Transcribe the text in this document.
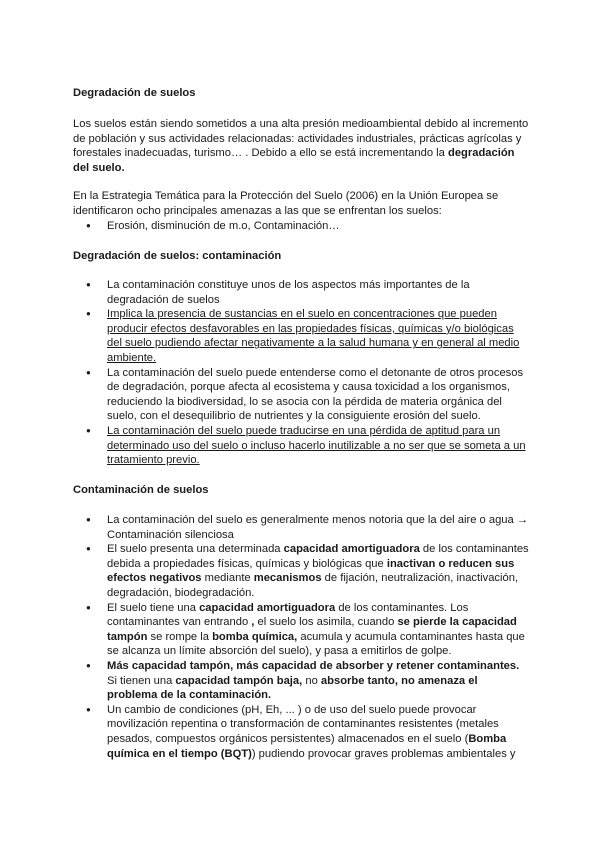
Degradación de suelos

Los suelos están siendo sometidos a una alta presión medioambiental debido al incremento de población y sus actividades relacionadas: actividades industriales, prácticas agrícolas y forestales inadecuadas, turismo… . Debido a ello se está incrementando la degradación del suelo.

En la Estrategia Temática para la Protección del Suelo (2006) en la Unión Europea se identificaron ocho principales amenazas a las que se enfrentan los suelos:

● Erosión, disminución de m.o, Contaminación…
Degradación de suelos: contaminación
● La contaminación constituye unos de los aspectos más importantes de la degradación de suelos
● Implica la presencia de sustancias en el suelo en concentraciones que pueden producir efectos desfavorables en las propiedades físicas, químicas y/o biológicas del suelo pudiendo afectar negativamente a la salud humana y en general al medio ambiente.
● La contaminación del suelo puede entenderse como el detonante de otros procesos de degradación, porque afecta al ecosistema y causa toxicidad a los organismos, reduciendo la biodiversidad, lo se asocia con la pérdida de materia orgánica del suelo, con el desequilibrio de nutrientes y la consiguiente erosión del suelo.
● La contaminación del suelo puede traducirse en una pérdida de aptitud para un determinado uso del suelo o incluso hacerlo inutilizable a no ser que se someta a un tratamiento previo.
Contaminación de suelos
● La contaminación del suelo es generalmente menos notoria que la del aire o agua → Contaminación silenciosa
● El suelo presenta una determinada capacidad amortiguadora de los contaminantes debida a propiedades físicas, químicas y biológicas que inactivan o reducen sus efectos negativos mediante mecanismos de fijación, neutralización, inactivación, degradación, biodegradación.
● El suelo tiene una capacidad amortiguadora de los contaminantes. Los contaminantes van entrando , el suelo los asimila, cuando se pierde la capacidad tampón se rompe la bomba química, acumula y acumula contaminantes hasta que se alcanza un límite absorción del suelo), y pasa a emitirlos de golpe.
● Más capacidad tampón, más capacidad de absorber y retener contaminantes. Si tienen una capacidad tampón baja, no absorbe tanto, no amenaza el problema de la contaminación.
● Un cambio de condiciones (pH, Eh, ... ) o de uso del suelo puede provocar movilización repentina o transformación de contaminantes resistentes (metales pesados, compuestos orgánicos persistentes) almacenados en el suelo (Bomba química en el tiempo (BQT)) pudiendo provocar graves problemas ambientales y
